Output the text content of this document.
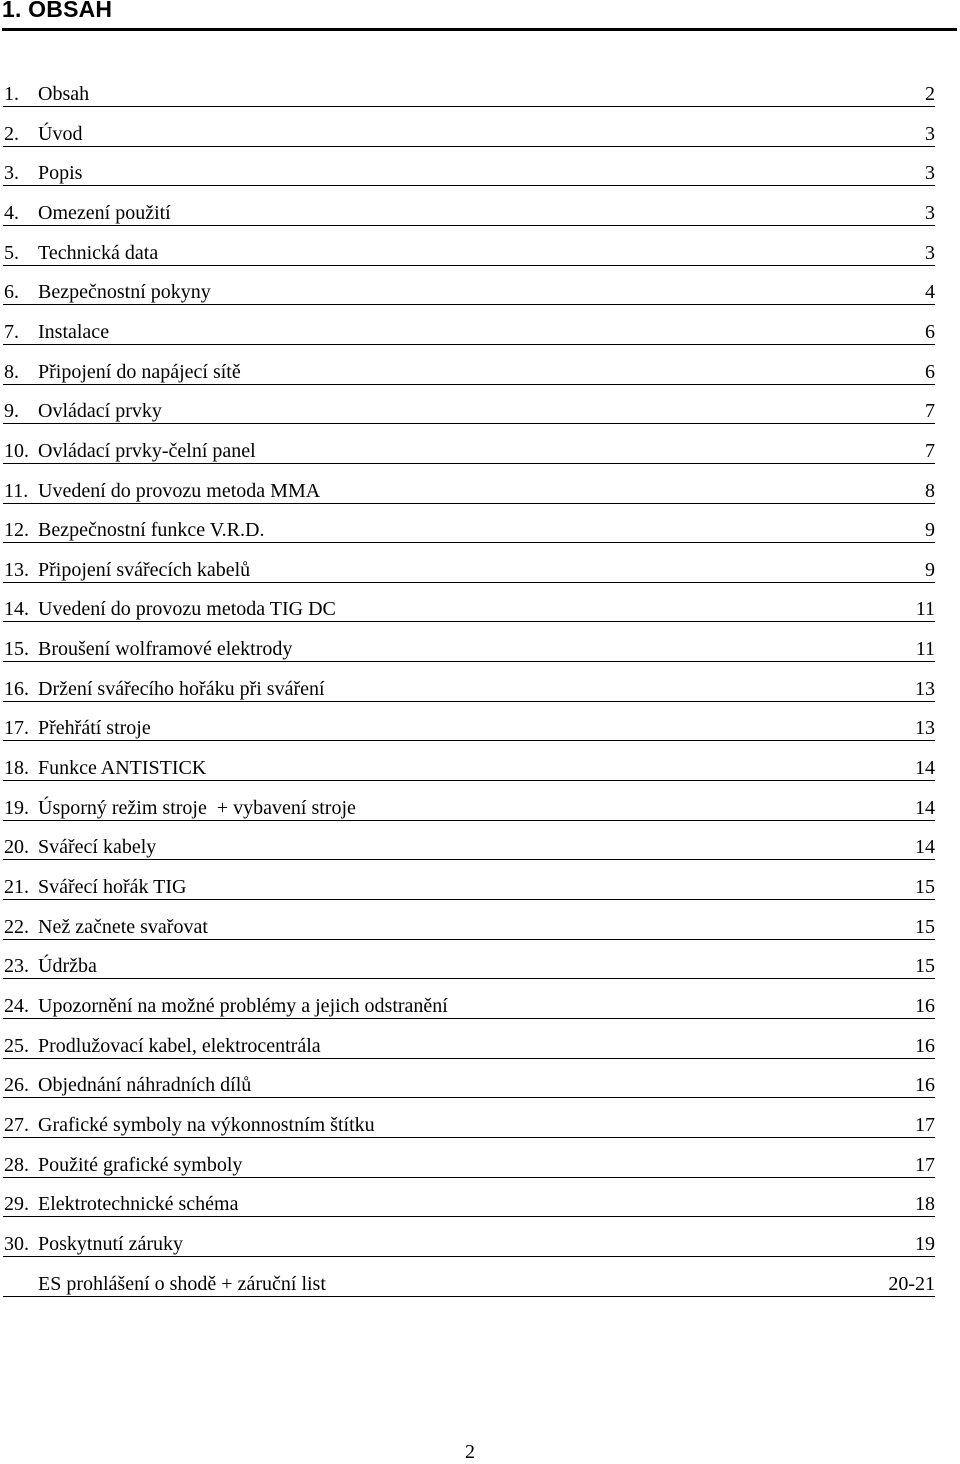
1. OBSAH
1. Obsah	2
2. Úvod	3
3. Popis	3
4. Omezení použití	3
5. Technická data	3
6. Bezpečnostní pokyny	4
7. Instalace	6
8. Připojení do napájecí sítě	6
9. Ovládací prvky	7
10. Ovládací prvky-čelní panel	7
11. Uvedení do provozu metoda MMA	8
12. Bezpečnostní funkce V.R.D.	9
13. Připojení svářecích kabelů	9
14. Uvedení do provozu metoda TIG DC	11
15. Broušení wolframové elektrody	11
16. Držení svářecího hořáku při sváření	13
17. Přehřátí stroje	13
18. Funkce ANTISTICK	14
19. Úsporný režim stroje  + vybavení stroje	14
20. Svářecí kabely	14
21. Svářecí hořák TIG	15
22. Než začnete svařovat	15
23. Údržba	15
24. Upozornění na možné problémy a jejich odstranění	16
25. Prodlužovací kabel, elektrocentrála	16
26. Objednání náhradních dílů	16
27. Grafické symboly na výkonnostním štítku	17
28. Použité grafické symboly	17
29. Elektrotechnické schéma	18
30. Poskytnutí záruky	19
ES prohlášení o shodě + záruční list	20-21
2
